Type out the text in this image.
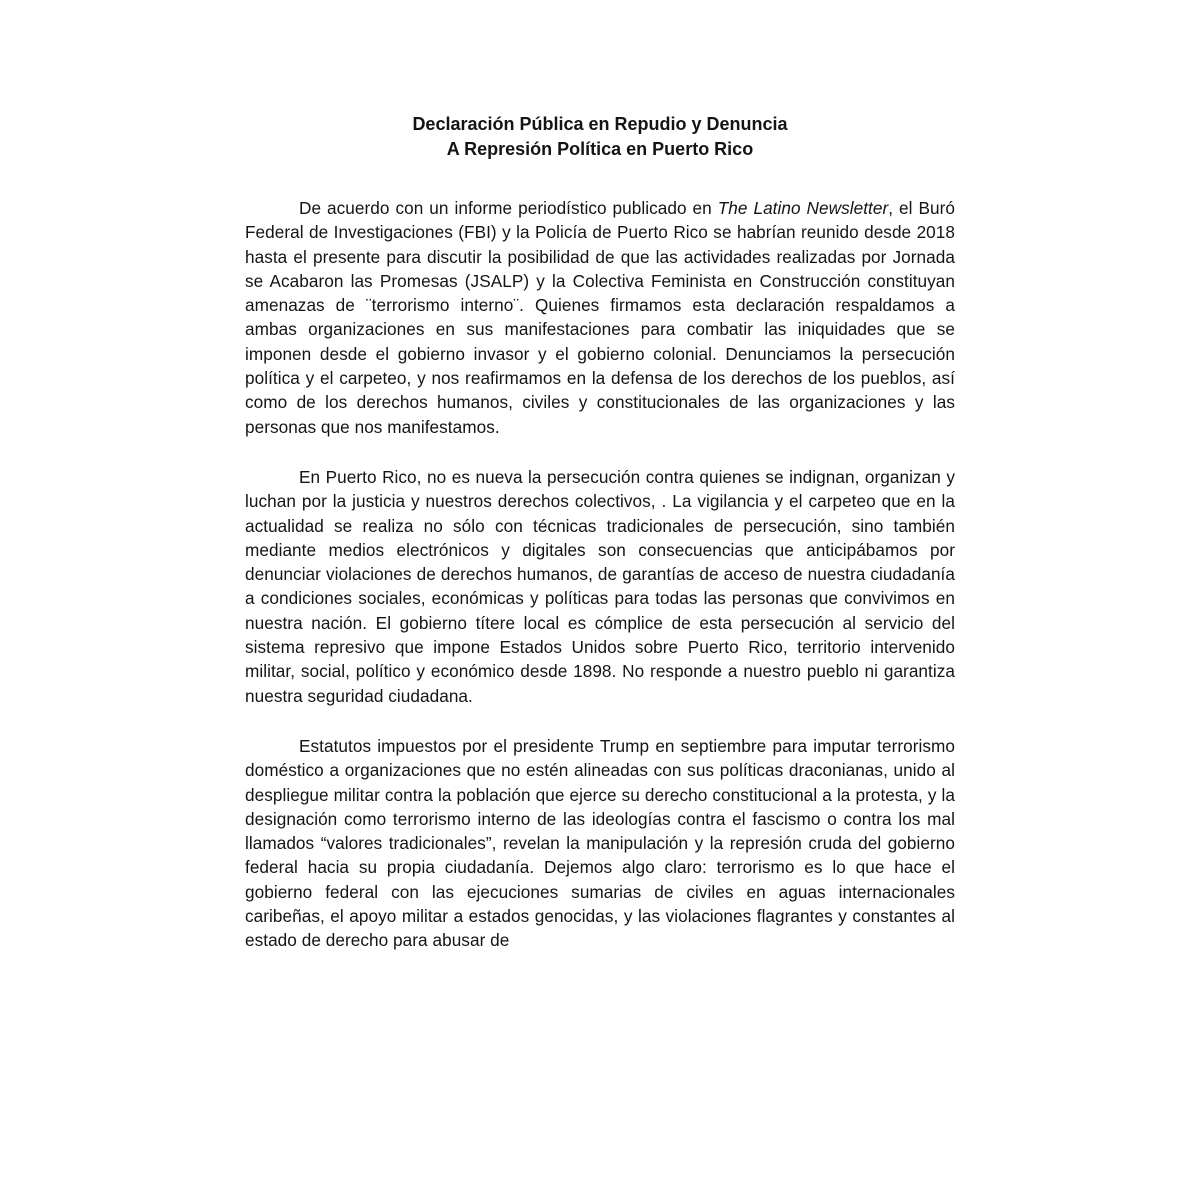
Declaración Pública en Repudio y Denuncia

A Represión Política en Puerto Rico

De acuerdo con un informe periodístico publicado en The Latino Newsletter, el Buró Federal de Investigaciones (FBI) y la Policía de Puerto Rico se habrían reunido desde 2018 hasta el presente para discutir la posibilidad de que las actividades realizadas por Jornada se Acabaron las Promesas (JSALP) y la Colectiva Feminista en Construcción constituyan amenazas de ¨terrorismo interno¨. Quienes firmamos esta declaración respaldamos a ambas organizaciones en sus manifestaciones para combatir las iniquidades que se imponen desde el gobierno invasor y el gobierno colonial. Denunciamos la persecución política y el carpeteo, y nos reafirmamos en la defensa de los derechos de los pueblos, así como de los derechos humanos, civiles y constitucionales de las organizaciones y las personas que nos manifestamos.

En Puerto Rico, no es nueva la persecución contra quienes se indignan, organizan y luchan por la justicia y nuestros derechos colectivos, . La vigilancia y el carpeteo que en la actualidad se realiza no sólo con técnicas tradicionales de persecución, sino también mediante medios electrónicos y digitales son consecuencias que anticipábamos por denunciar violaciones de derechos humanos, de garantías de acceso de nuestra ciudadanía a condiciones sociales, económicas y políticas para todas las personas que convivimos en nuestra nación. El gobierno títere local es cómplice de esta persecución al servicio del sistema represivo que impone Estados Unidos sobre Puerto Rico, territorio intervenido militar, social, político y económico desde 1898. No responde a nuestro pueblo ni garantiza nuestra seguridad ciudadana.

Estatutos impuestos por el presidente Trump en septiembre para imputar terrorismo doméstico a organizaciones que no estén alineadas con sus políticas draconianas, unido al despliegue militar contra la población que ejerce su derecho constitucional a la protesta, y la designación como terrorismo interno de las ideologías contra el fascismo o contra los mal llamados “valores tradicionales”, revelan la manipulación y la represión cruda del gobierno federal hacia su propia ciudadanía. Dejemos algo claro: terrorismo es lo que hace el gobierno federal con las ejecuciones sumarias de civiles en aguas internacionales caribeñas, el apoyo militar a estados genocidas, y las violaciones flagrantes y constantes al estado de derecho para abusar de
